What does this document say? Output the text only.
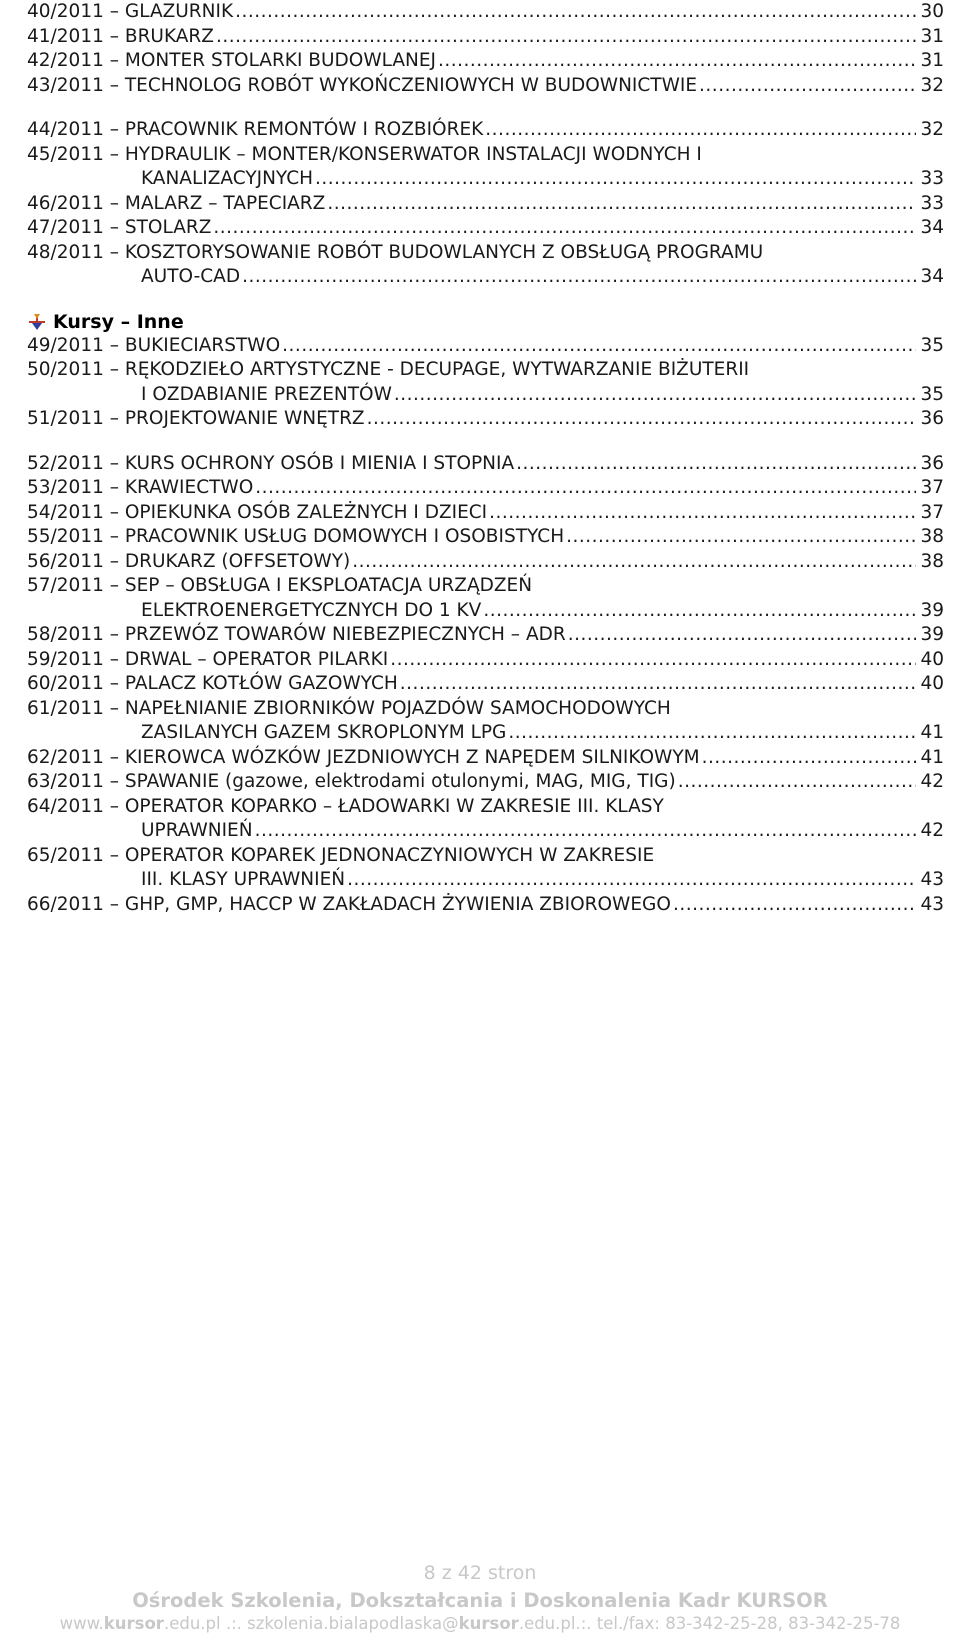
40/2011 – GLAZURNIK .....	30
41/2011 – BRUKARZ .....	31
42/2011 – MONTER STOLARKI BUDOWLANEJ .....	31
43/2011 – TECHNOLOG ROBÓT WYKOŃCZENIOWYCH W BUDOWNICTWIE .....	32
44/2011 – PRACOWNIK REMONTÓW I ROZBIÓREK .....	32
45/2011 – HYDRAULIK – MONTER/KONSERWATOR INSTALACJI WODNYCH I
KANALIZACYJNYCH .....	33
46/2011 – MALARZ – TAPECIARZ .....	33
47/2011 – STOLARZ .....	34
48/2011 – KOSZTORYSOWANIE ROBÓT BUDOWLANYCH Z OBSŁUGĄ PROGRAMU
AUTO-CAD .....	34
Kursy – Inne
49/2011 – BUKIECIARSTWO .....	35
50/2011 – RĘKODZIEŁO ARTYSTYCZNE - DECUPAGE, WYTWARZANIE BIŻUTERII
I OZDABIANIE PREZENTÓW .....	35
51/2011 – PROJEKTOWANIE WNĘTRZ .....	36
52/2011 – KURS OCHRONY OSÓB I MIENIA I STOPNIA .....	36
53/2011 – KRAWIECTWO .....	37
54/2011 – OPIEKUNKA OSÓB ZALEŻNYCH I DZIECI .....	37
55/2011 – PRACOWNIK USŁUG DOMOWYCH I OSOBISTYCH .....	38
56/2011 – DRUKARZ (OFFSETOWY) .....	38
57/2011 – SEP – OBSŁUGA I EKSPLOATACJA URZĄDZEŃ
ELEKTROENERGETYCZNYCH DO 1 KV .....	39
58/2011 – PRZEWÓZ TOWARÓW NIEBEZPIECZNYCH – ADR .....	39
59/2011 – DRWAL – OPERATOR PILARKI .....	40
60/2011 – PALACZ KOTŁÓW GAZOWYCH .....	40
61/2011 – NAPEŁNIANIE ZBIORNIKÓW POJAZDÓW SAMOCHODOWYCH
ZASILANYCH GAZEM SKROPLONYM LPG .....	41
62/2011 – KIEROWCA WÓZKÓW JEZDNIOWYCH Z NAPĘDEM SILNIKOWYM .....	41
63/2011 – SPAWANIE (gazowe, elektrodami otulonymi, MAG, MIG, TIG) .....	42
64/2011 – OPERATOR KOPARKO – ŁADOWARKI W ZAKRESIE III. KLASY
UPRAWNIEŃ .....	42
65/2011 – OPERATOR KOPAREK JEDNONACZYNIOWYCH W ZAKRESIE
III. KLASY UPRAWNIEŃ .....	43
66/2011 – GHP, GMP, HACCP W ZAKŁADACH ŻYWIENIA ZBIOROWEGO .....	43
8 z 42 stron
Ośrodek Szkolenia, Dokształcania i Doskonalenia Kadr KURSOR
www.kursor.edu.pl .:. szkolenia.bialapodlaska@kursor.edu.pl.:. tel./fax: 83-342-25-28, 83-342-25-78
